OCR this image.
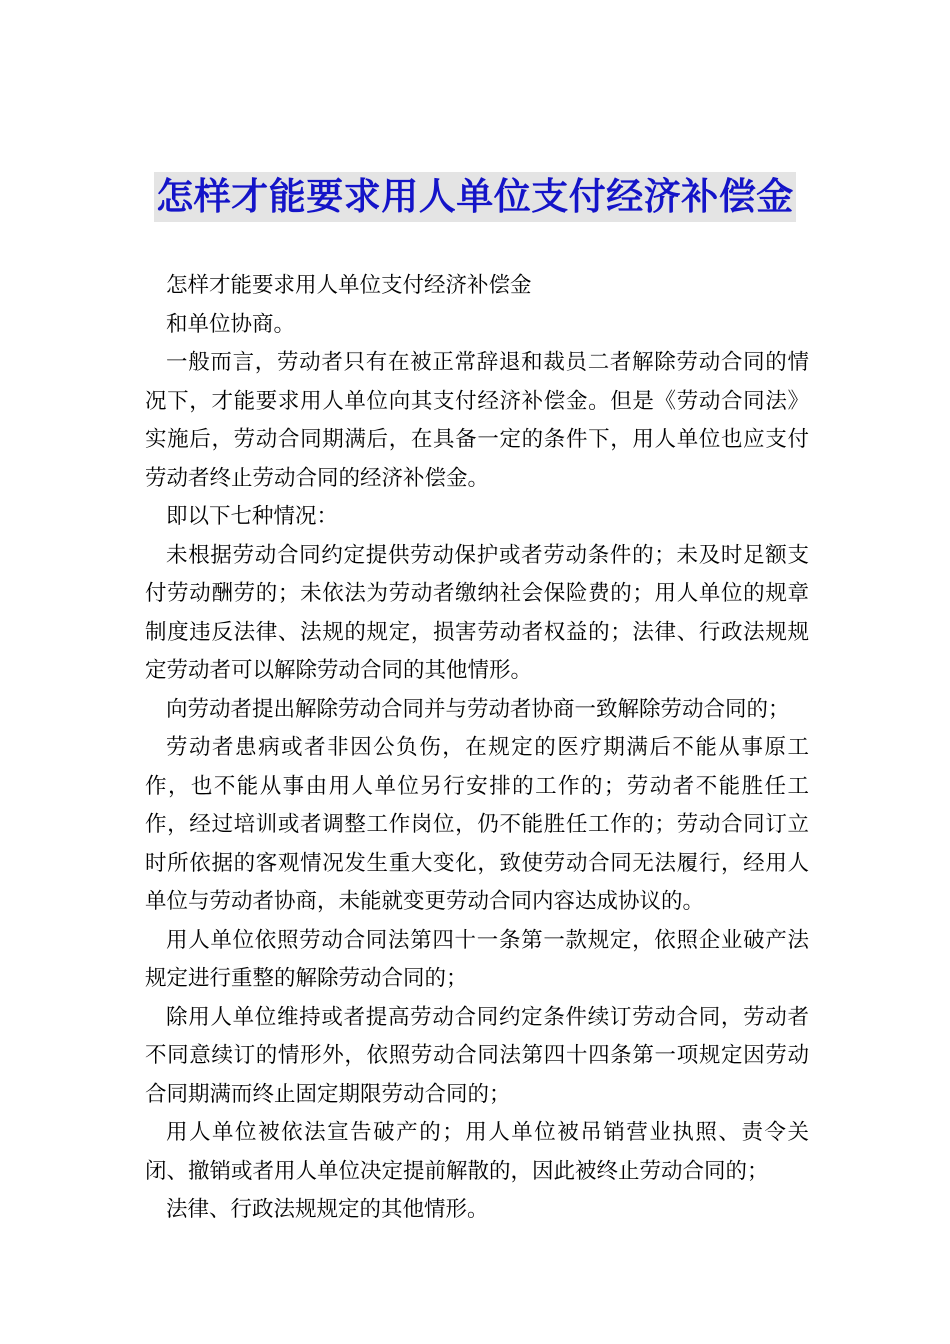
怎样才能要求用人单位支付经济补偿金

怎样才能要求用人单位支付经济补偿金

和单位协商。

一般而言，劳动者只有在被正常辞退和裁员二者解除劳动合同的情况下，才能要求用人单位向其支付经济补偿金。但是《劳动合同法》实施后，劳动合同期满后，在具备一定的条件下，用人单位也应支付劳动者终止劳动合同的经济补偿金。

即以下七种情况：

未根据劳动合同约定提供劳动保护或者劳动条件的；未及时足额支付劳动酬劳的；未依法为劳动者缴纳社会保险费的；用人单位的规章制度违反法律、法规的规定，损害劳动者权益的；法律、行政法规规定劳动者可以解除劳动合同的其他情形。

向劳动者提出解除劳动合同并与劳动者协商一致解除劳动合同的；

劳动者患病或者非因公负伤，在规定的医疗期满后不能从事原工作，也不能从事由用人单位另行安排的工作的；劳动者不能胜任工作，经过培训或者调整工作岗位，仍不能胜任工作的；劳动合同订立时所依据的客观情况发生重大变化，致使劳动合同无法履行，经用人单位与劳动者协商，未能就变更劳动合同内容达成协议的。

用人单位依照劳动合同法第四十一条第一款规定，依照企业破产法规定进行重整的解除劳动合同的；

除用人单位维持或者提高劳动合同约定条件续订劳动合同，劳动者不同意续订的情形外，依照劳动合同法第四十四条第一项规定因劳动合同期满而终止固定期限劳动合同的；

用人单位被依法宣告破产的；用人单位被吊销营业执照、责令关闭、撤销或者用人单位决定提前解散的，因此被终止劳动合同的；

法律、行政法规规定的其他情形。
